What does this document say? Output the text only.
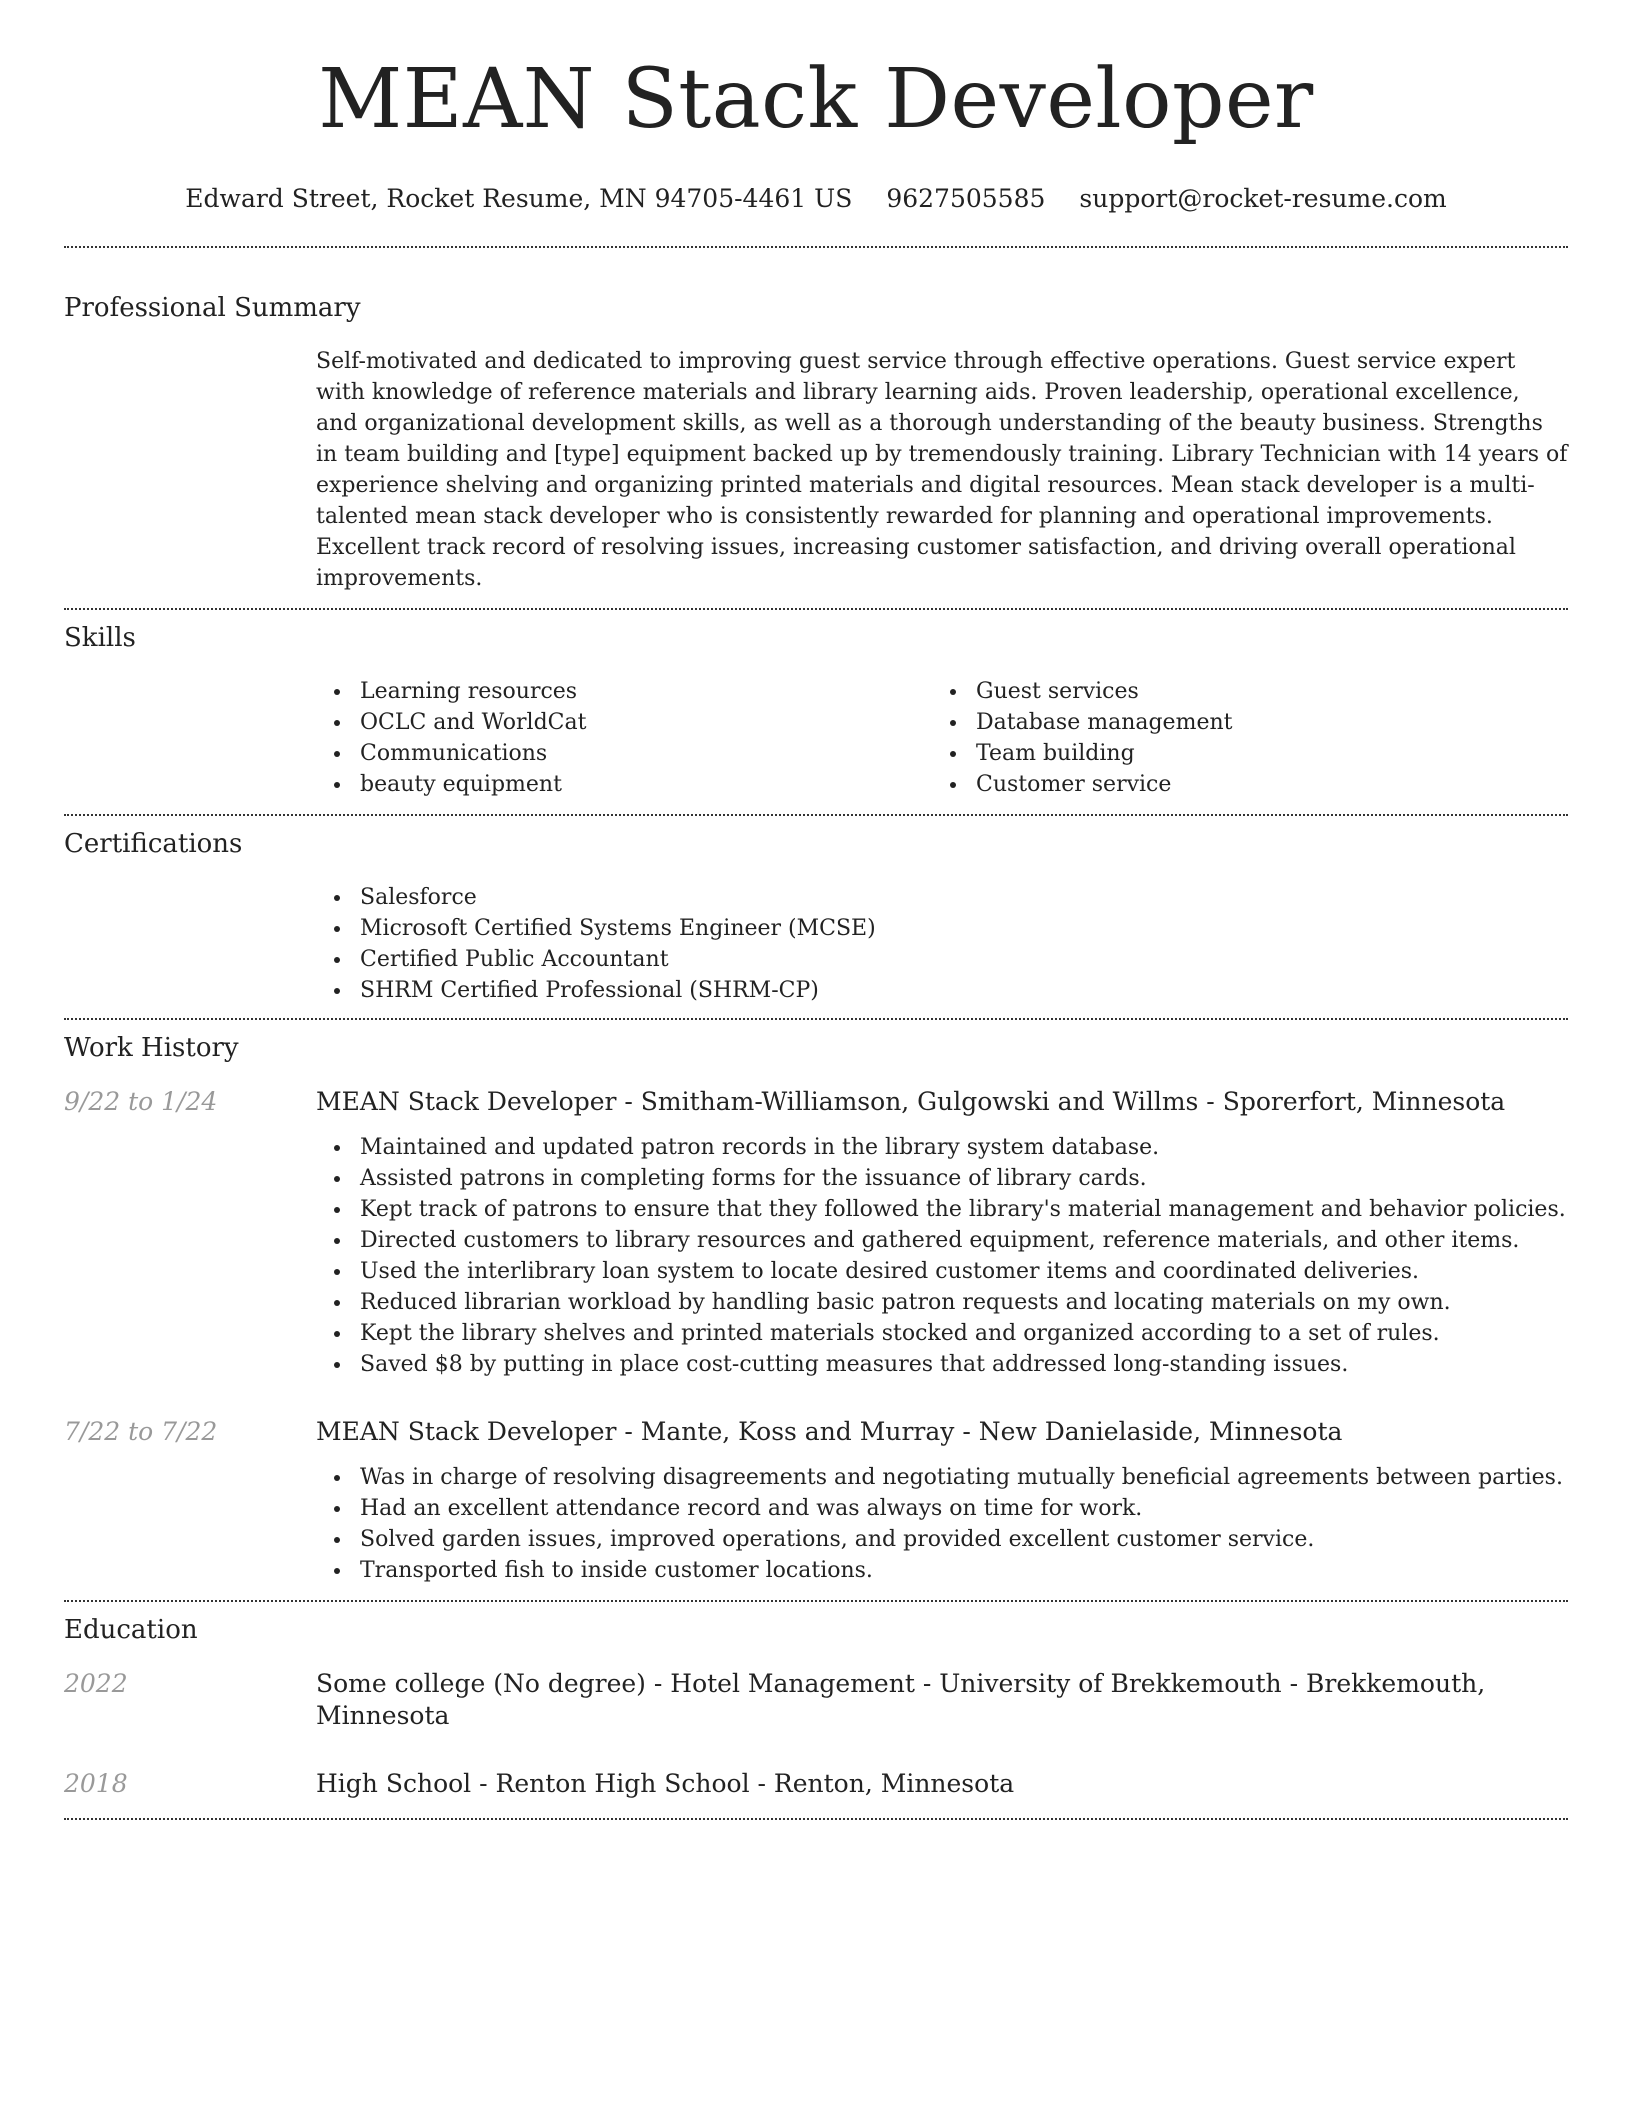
MEAN Stack Developer
Edward Street, Rocket Resume, MN 94705-4461 US 9627505585 support@rocket-resume.com
Professional Summary

Self-motivated and dedicated to improving guest service through effective operations. Guest service expert with knowledge of reference materials and library learning aids. Proven leadership, operational excellence, and organizational development skills, as well as a thorough understanding of the beauty business. Strengths in team building and [type] equipment backed up by tremendously training. Library Technician with 14 years of experience shelving and organizing printed materials and digital resources. Mean stack developer is a multi-talented mean stack developer who is consistently rewarded for planning and operational improvements. Excellent track record of resolving issues, increasing customer satisfaction, and driving overall operational improvements.

Skills
Learning resources
OCLC and WorldCat
Communications
beauty equipment
Guest services
Database management
Team building
Customer service
Certifications
Salesforce
Microsoft Certified Systems Engineer (MCSE)
Certified Public Accountant
SHRM Certified Professional (SHRM-CP)
Work History
9/22 to 1/24	MEAN Stack Developer - Smitham-Williamson, Gulgowski and Willms - Sporerfort, Minnesota
Maintained and updated patron records in the library system database.
Assisted patrons in completing forms for the issuance of library cards.
Kept track of patrons to ensure that they followed the library's material management and behavior policies.
Directed customers to library resources and gathered equipment, reference materials, and other items.
Used the interlibrary loan system to locate desired customer items and coordinated deliveries.
Reduced librarian workload by handling basic patron requests and locating materials on my own.
Kept the library shelves and printed materials stocked and organized according to a set of rules.
Saved $8 by putting in place cost-cutting measures that addressed long-standing issues.
7/22 to 7/22	MEAN Stack Developer - Mante, Koss and Murray - New Danielaside, Minnesota
Was in charge of resolving disagreements and negotiating mutually beneficial agreements between parties.
Had an excellent attendance record and was always on time for work.
Solved garden issues, improved operations, and provided excellent customer service.
Transported fish to inside customer locations.
Education
2022	Some college (No degree) - Hotel Management - University of Brekkemouth - Brekkemouth, Minnesota
2018	High School - Renton High School - Renton, Minnesota
